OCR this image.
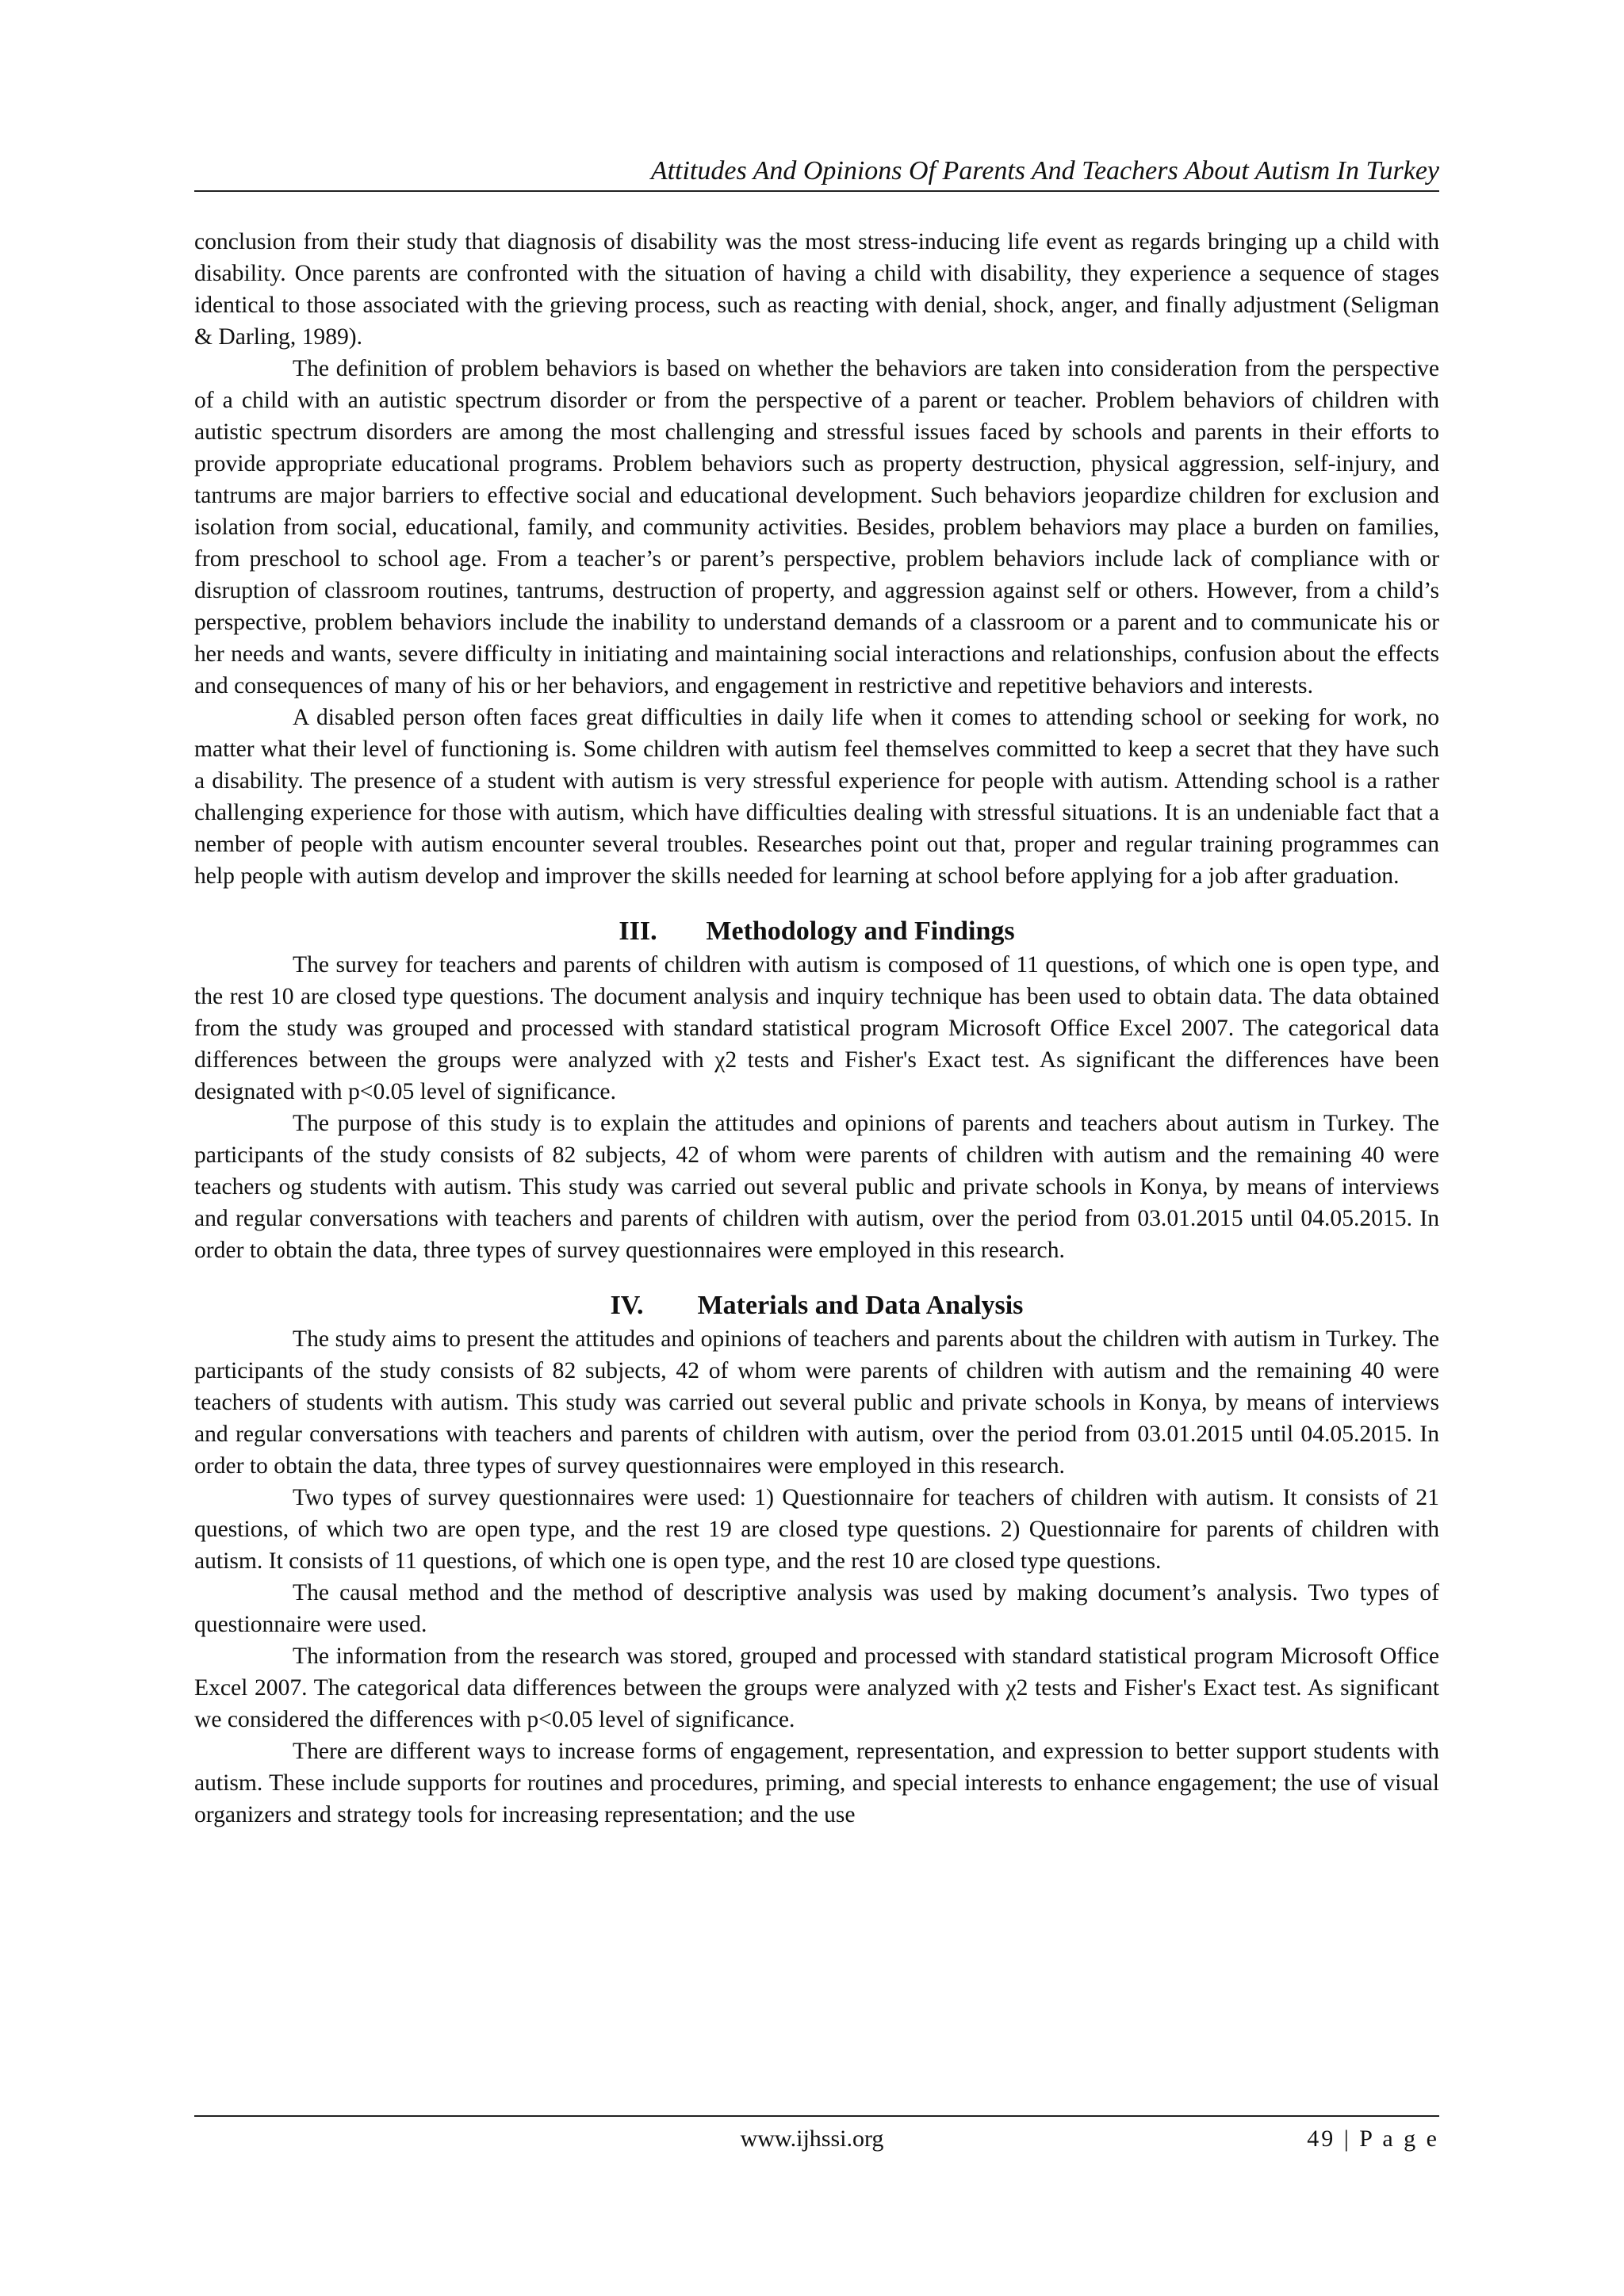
Attitudes And Opinions Of Parents And Teachers About Autism In Turkey

conclusion from their study that diagnosis of disability was the most stress-inducing life event as regards bringing up a child with disability. Once parents are confronted with the situation of having a child with disability, they experience a sequence of stages identical to those associated with the grieving process, such as reacting with denial, shock, anger, and finally adjustment (Seligman & Darling, 1989).

The definition of problem behaviors is based on whether the behaviors are taken into consideration from the perspective of a child with an autistic spectrum disorder or from the perspective of a parent or teacher. Problem behaviors of children with autistic spectrum disorders are among the most challenging and stressful issues faced by schools and parents in their efforts to provide appropriate educational programs. Problem behaviors such as property destruction, physical aggression, self-injury, and tantrums are major barriers to effective social and educational development. Such behaviors jeopardize children for exclusion and isolation from social, educational, family, and community activities. Besides, problem behaviors may place a burden on families, from preschool to school age. From a teacher’s or parent’s perspective, problem behaviors include lack of compliance with or disruption of classroom routines, tantrums, destruction of property, and aggression against self or others. However, from a child’s perspective, problem behaviors include the inability to understand demands of a classroom or a parent and to communicate his or her needs and wants, severe difficulty in initiating and maintaining social interactions and relationships, confusion about the effects and consequences of many of his or her behaviors, and engagement in restrictive and repetitive behaviors and interests.

A disabled person often faces great difficulties in daily life when it comes to attending school or seeking for work, no matter what their level of functioning is. Some children with autism feel themselves committed to keep a secret that they have such a disability. The presence of a student with autism is very stressful experience for people with autism. Attending school is a rather challenging experience for those with autism, which have difficulties dealing with stressful situations. It is an undeniable fact that a nember of people with autism encounter several troubles. Researches point out that, proper and regular training programmes can help people with autism develop and improver the skills needed for learning at school before applying for a job after graduation.

III. Methodology and Findings

The survey for teachers and parents of children with autism is composed of 11 questions, of which one is open type, and the rest 10 are closed type questions. The document analysis and inquiry technique has been used to obtain data. The data obtained from the study was grouped and processed with standard statistical program Microsoft Office Excel 2007. The categorical data differences between the groups were analyzed with χ2 tests and Fisher's Exact test. As significant the differences have been designated with p<0.05 level of significance.

The purpose of this study is to explain the attitudes and opinions of parents and teachers about autism in Turkey. The participants of the study consists of 82 subjects, 42 of whom were parents of children with autism and the remaining 40 were teachers og students with autism. This study was carried out several public and private schools in Konya, by means of interviews and regular conversations with teachers and parents of children with autism, over the period from 03.01.2015 until 04.05.2015. In order to obtain the data, three types of survey questionnaires were employed in this research.

IV. Materials and Data Analysis

The study aims to present the attitudes and opinions of teachers and parents about the children with autism in Turkey. The participants of the study consists of 82 subjects, 42 of whom were parents of children with autism and the remaining 40 were teachers of students with autism. This study was carried out several public and private schools in Konya, by means of interviews and regular conversations with teachers and parents of children with autism, over the period from 03.01.2015 until 04.05.2015. In order to obtain the data, three types of survey questionnaires were employed in this research.

Two types of survey questionnaires were used: 1) Questionnaire for teachers of children with autism. It consists of 21 questions, of which two are open type, and the rest 19 are closed type questions. 2) Questionnaire for parents of children with autism. It consists of 11 questions, of which one is open type, and the rest 10 are closed type questions.

The causal method and the method of descriptive analysis was used by making document’s analysis. Two types of questionnaire were used.

The information from the research was stored, grouped and processed with standard statistical program Microsoft Office Excel 2007. The categorical data differences between the groups were analyzed with χ2 tests and Fisher's Exact test. As significant we considered the differences with p<0.05 level of significance.

There are different ways to increase forms of engagement, representation, and expression to better support students with autism. These include supports for routines and procedures, priming, and special interests to enhance engagement; the use of visual organizers and strategy tools for increasing representation; and the use

www.ijhssi.org	49 | P a g e
